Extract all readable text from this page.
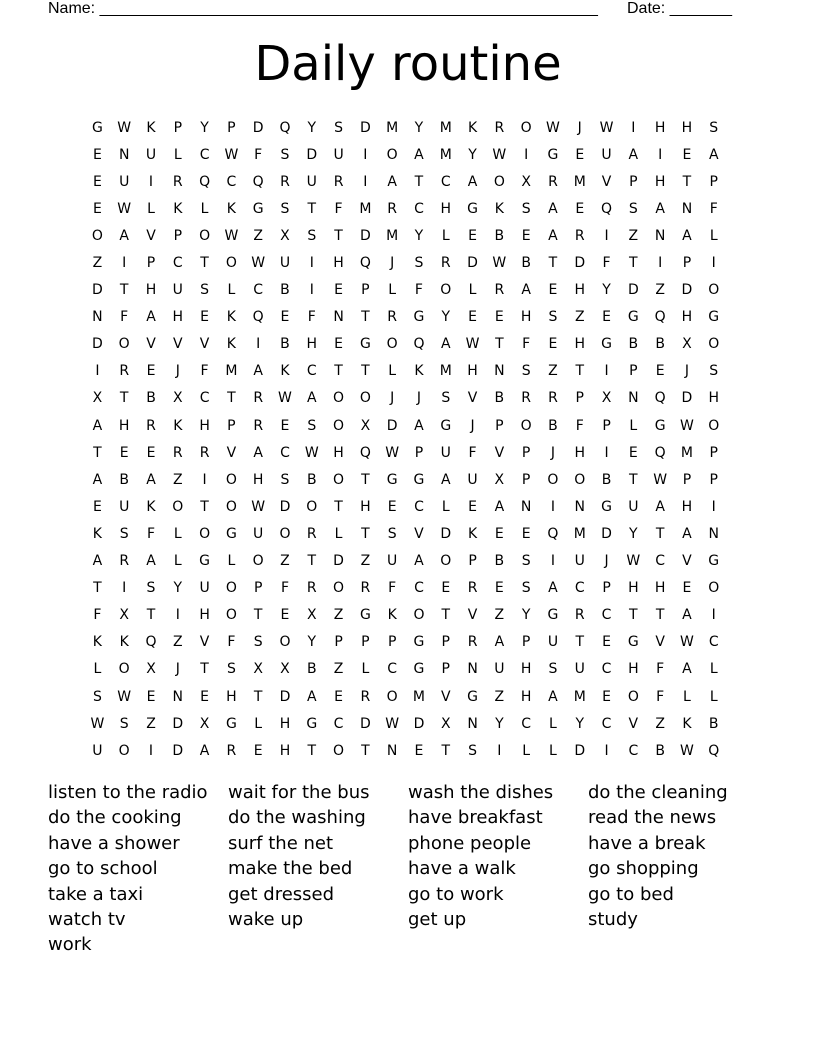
Name: ________________________________________________________ Date: _______
Daily routine
G	W	K	P	Y	P	D	Q	Y	S	D	M	Y	M	K	R	O	W	J	W	I	H	H	S
E	N	U	L	C	W	F	S	D	U	I	O	A	M	Y	W	I	G	E	U	A	I	E	A
E	U	I	R	Q	C	Q	R	U	R	I	A	T	C	A	O	X	R	M	V	P	H	T	P
E	W	L	K	L	K	G	S	T	F	M	R	C	H	G	K	S	A	E	Q	S	A	N	F
O	A	V	P	O	W	Z	X	S	T	D	M	Y	L	E	B	E	A	R	I	Z	N	A	L
Z	I	P	C	T	O	W	U	I	H	Q	J	S	R	D	W	B	T	D	F	T	I	P	I
D	T	H	U	S	L	C	B	I	E	P	L	F	O	L	R	A	E	H	Y	D	Z	D	O
N	F	A	H	E	K	Q	E	F	N	T	R	G	Y	E	E	H	S	Z	E	G	Q	H	G
D	O	V	V	V	K	I	B	H	E	G	O	Q	A	W	T	F	E	H	G	B	B	X	O
I	R	E	J	F	M	A	K	C	T	T	L	K	M	H	N	S	Z	T	I	P	E	J	S
X	T	B	X	C	T	R	W	A	O	O	J	J	S	V	B	R	R	P	X	N	Q	D	H
A	H	R	K	H	P	R	E	S	O	X	D	A	G	J	P	O	B	F	P	L	G	W	O
T	E	E	R	R	V	A	C	W	H	Q	W	P	U	F	V	P	J	H	I	E	Q	M	P
A	B	A	Z	I	O	H	S	B	O	T	G	G	A	U	X	P	O	O	B	T	W	P	P
E	U	K	O	T	O	W	D	O	T	H	E	C	L	E	A	N	I	N	G	U	A	H	I
K	S	F	L	O	G	U	O	R	L	T	S	V	D	K	E	E	Q	M	D	Y	T	A	N
A	R	A	L	G	L	O	Z	T	D	Z	U	A	O	P	B	S	I	U	J	W	C	V	G
T	I	S	Y	U	O	P	F	R	O	R	F	C	E	R	E	S	A	C	P	H	H	E	O
F	X	T	I	H	O	T	E	X	Z	G	K	O	T	V	Z	Y	G	R	C	T	T	A	I
K	K	Q	Z	V	F	S	O	Y	P	P	P	G	P	R	A	P	U	T	E	G	V	W	C
L	O	X	J	T	S	X	X	B	Z	L	C	G	P	N	U	H	S	U	C	H	F	A	L
S	W	E	N	E	H	T	D	A	E	R	O	M	V	G	Z	H	A	M	E	O	F	L	L
W	S	Z	D	X	G	L	H	G	C	D	W	D	X	N	Y	C	L	Y	C	V	Z	K	B
U	O	I	D	A	R	E	H	T	O	T	N	E	T	S	I	L	L	D	I	C	B	W	Q
listen to the radio
do the cooking
have a shower
go to school
take a taxi
watch tv
work
wait for the bus
do the washing
surf the net
make the bed
get dressed
wake up
wash the dishes
have breakfast
phone people
have a walk
go to work
get up
do the cleaning
read the news
have a break
go shopping
go to bed
study
